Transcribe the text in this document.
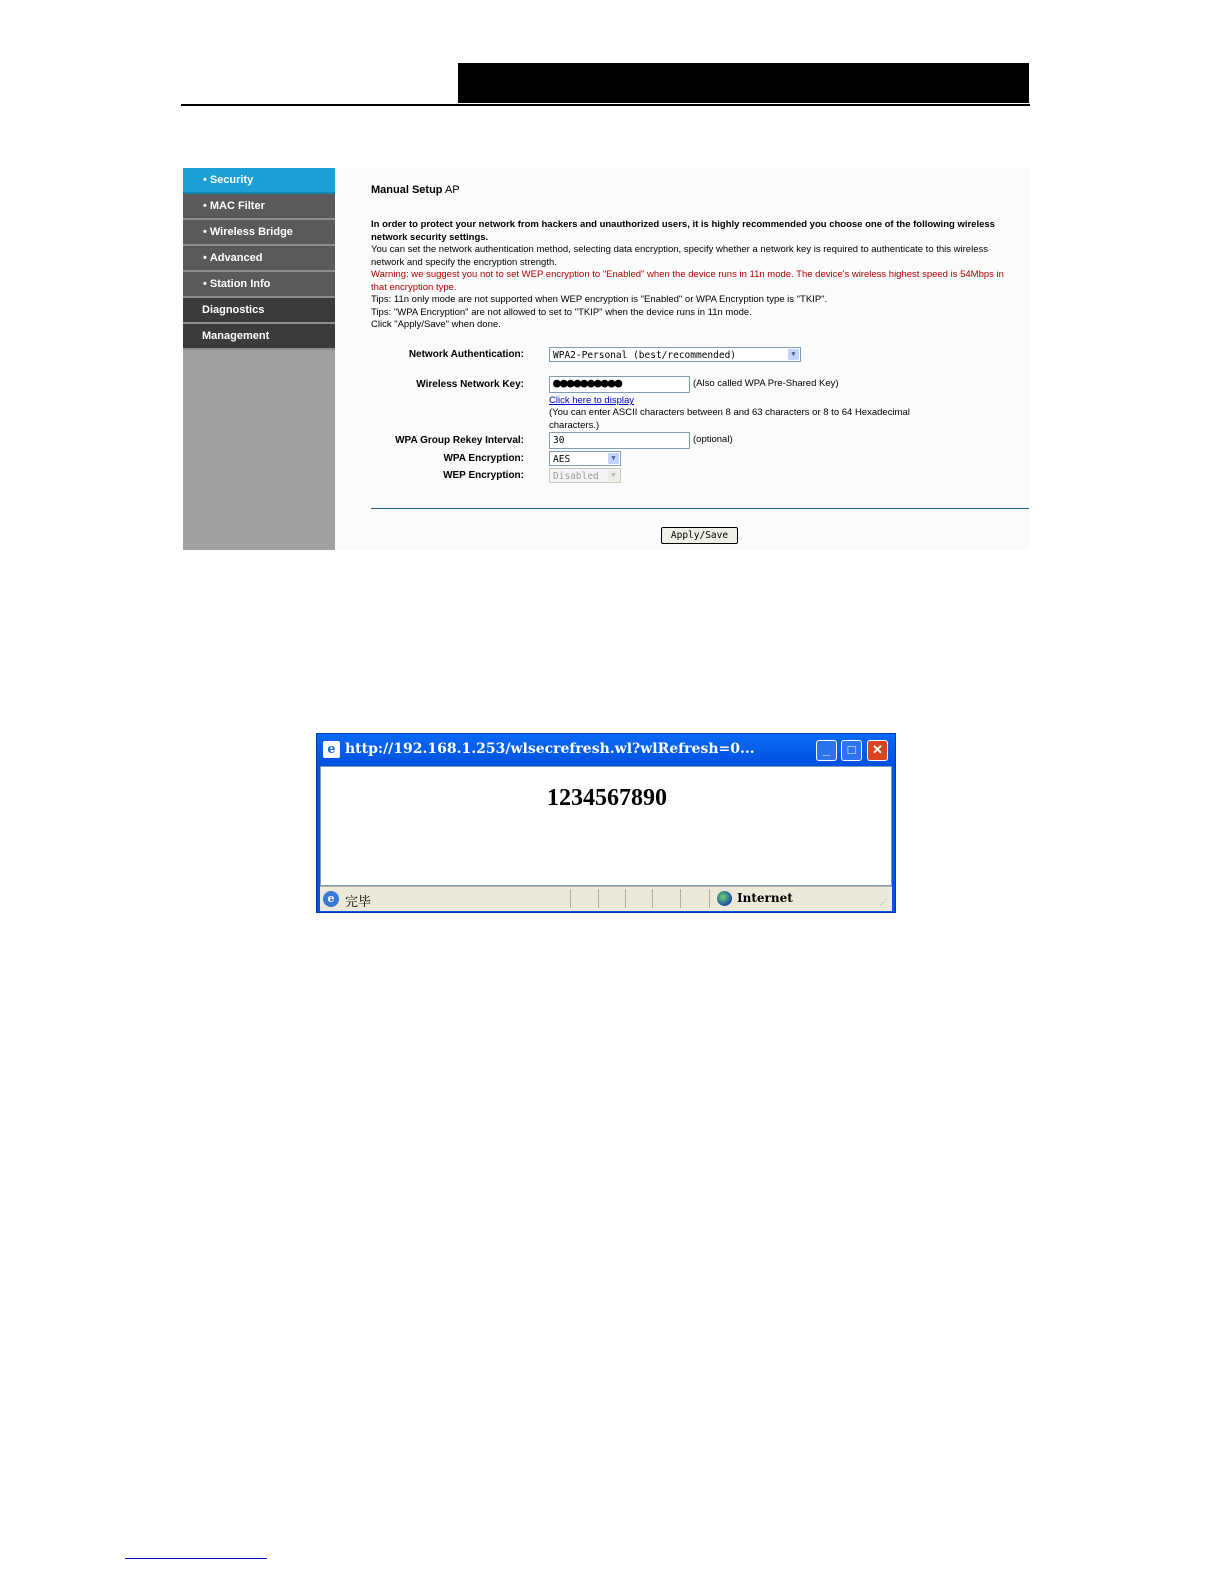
• Security
• MAC Filter
• Wireless Bridge
• Advanced
• Station Info
Diagnostics
Management
Manual Setup AP
In order to protect your network from hackers and unauthorized users, it is highly recommended you choose one of the following wireless network security settings.
You can set the network authentication method, selecting data encryption, specify whether a network key is required to authenticate to this wireless network and specify the encryption strength.
Warning: we suggest you not to set WEP encryption to "Enabled" when the device runs in 11n mode. The device's wireless highest speed is 54Mbps in that encryption type.
Tips: 11n only mode are not supported when WEP encryption is "Enabled" or WPA Encryption type is "TKIP".
Tips: "WPA Encryption" are not allowed to set to "TKIP" when the device runs in 11n mode.
Click "Apply/Save" when done.
Network Authentication:	WPA2-Personal (best/recommended)	▼
Wireless Network Key:	●●●●●●●●●●	(Also called WPA Pre-Shared Key)
Click here to display
(You can enter ASCII characters between 8 and 63 characters or 8 to 64 Hexadecimal characters.)
WPA Group Rekey Interval:	30	(optional)
WPA Encryption:	AES	▼
WEP Encryption:	Disabled	▼
Apply/Save
e http://192.168.1.253/wlsecrefresh.wl?wlRefresh=0...	_	□	✕
1234567890
e 完毕	Internet	⋰
